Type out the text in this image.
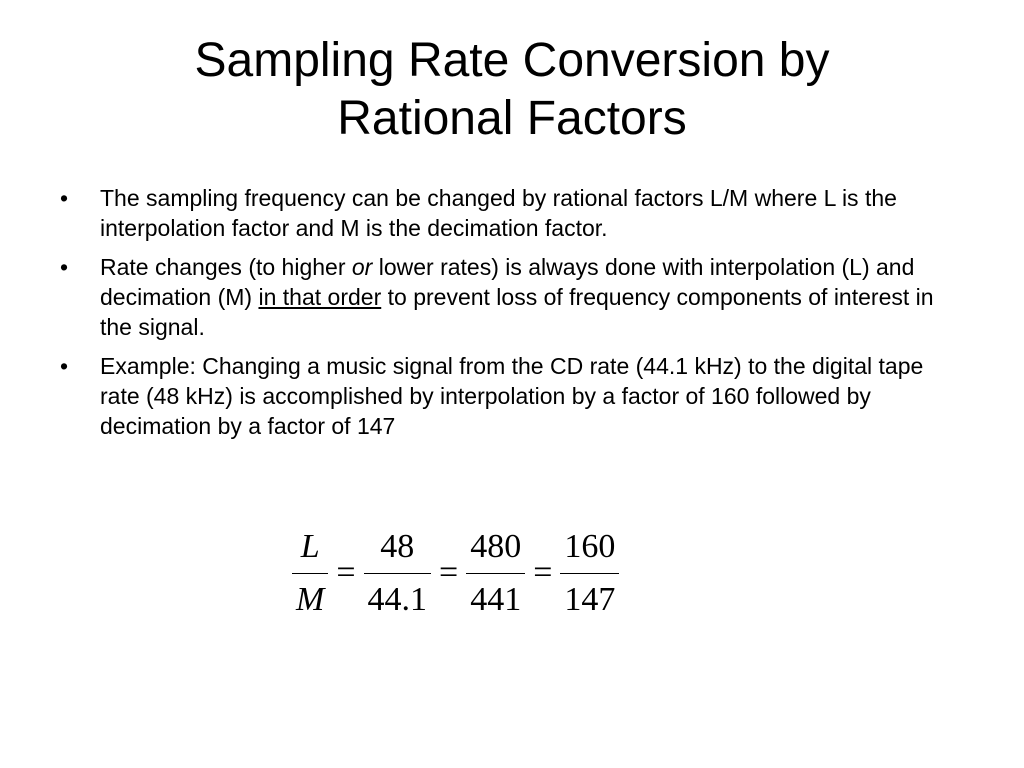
Sampling Rate Conversion by
Rational Factors
• The sampling frequency can be changed by rational factors L/M where L is the interpolation factor and M is the decimation factor.
• Rate changes (to higher or lower rates) is always done with interpolation (L) and decimation (M) in that order to prevent loss of frequency components of interest in the signal.
• Example: Changing a music signal from the CD rate (44.1 kHz) to the digital tape rate (48 kHz) is accomplished by interpolation by a factor of 160 followed by decimation by a factor of 147
$\frac{L}{M} = \frac{48}{44.1} = \frac{480}{441} = \frac{160}{147}$
